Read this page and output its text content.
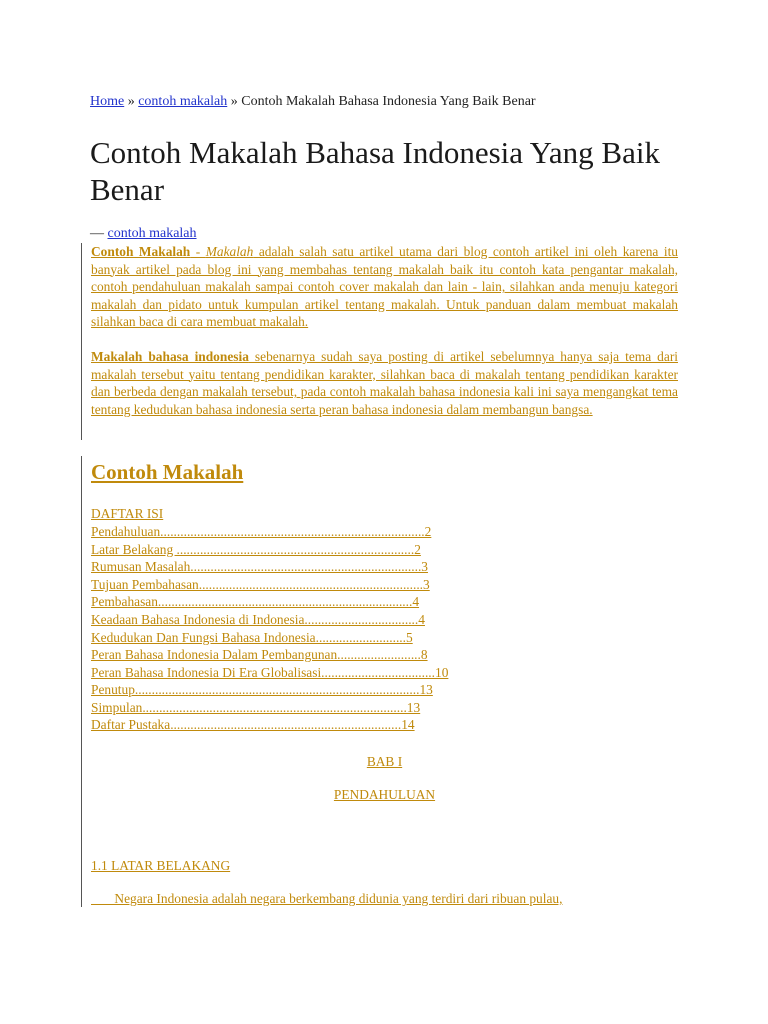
Home » contoh makalah » Contoh Makalah Bahasa Indonesia Yang Baik Benar
Contoh Makalah Bahasa Indonesia Yang Baik Benar
— contoh makalah

Contoh Makalah - Makalah adalah salah satu artikel utama dari blog contoh artikel ini oleh karena itu banyak artikel pada blog ini yang membahas tentang makalah baik itu contoh kata pengantar makalah, contoh pendahuluan makalah sampai contoh cover makalah dan lain - lain, silahkan anda menuju kategori makalah dan pidato untuk kumpulan artikel tentang makalah. Untuk panduan dalam membuat makalah silahkan baca di cara membuat makalah.

Makalah bahasa indonesia sebenarnya sudah saya posting di artikel sebelumnya hanya saja tema dari makalah tersebut yaitu tentang pendidikan karakter, silahkan baca di makalah tentang pendidikan karakter dan berbeda dengan makalah tersebut, pada contoh makalah bahasa indonesia kali ini saya mengangkat tema tentang kedudukan bahasa indonesia serta peran bahasa indonesia dalam membangun bangsa.

Contoh Makalah
DAFTAR ISI
Pendahuluan...............................................................................2
Latar Belakang .......................................................................2
Rumusan Masalah.....................................................................3
Tujuan Pembahasan...................................................................3
Pembahasan............................................................................4
Keadaan Bahasa Indonesia di Indonesia..................................4
Kedudukan Dan Fungsi Bahasa Indonesia...........................5
Peran Bahasa Indonesia Dalam Pembangunan.........................8
Peran Bahasa Indonesia Di Era Globalisasi..................................10
Penutup.....................................................................................13
Simpulan...............................................................................13
Daftar Pustaka.....................................................................14
BAB I
PENDAHULUAN
1.1 LATAR BELAKANG
Negara Indonesia adalah negara berkembang didunia yang terdiri dari ribuan pulau,
